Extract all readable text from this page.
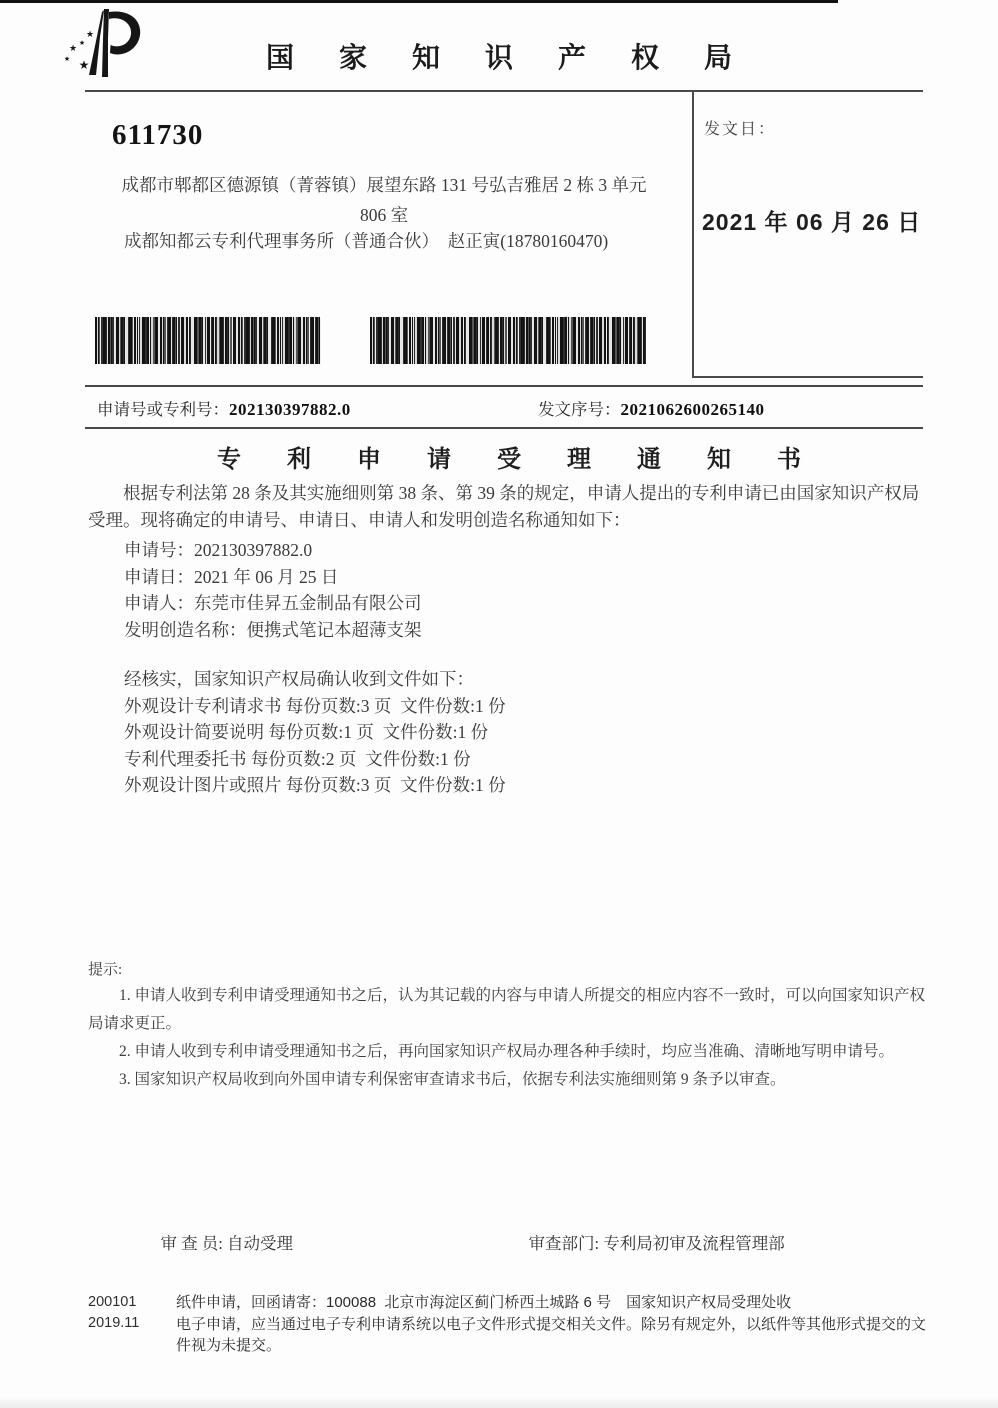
★
★
★
★ ★	国 家 知 识 产 权 局
611730
成都市郫都区德源镇（菁蓉镇）展望东路 131 号弘吉雅居 2 栋 3 单元
806 室
成都知都云专利代理事务所（普通合伙）　赵正寅(18780160470)
发文日：
2021 年 06 月 26 日
申请号或专利号：202130397882.0	发文序号：2021062600265140
专 利 申 请 受 理 通 知 书

根据专利法第 28 条及其实施细则第 38 条、第 39 条的规定，申请人提出的专利申请已由国家知识产权局受理。现将确定的申请号、申请日、申请人和发明创造名称通知如下：

申请号：202130397882.0
申请日：2021 年 06 月 25 日
申请人：东莞市佳昇五金制品有限公司
发明创造名称：便携式笔记本超薄支架
经核实，国家知识产权局确认收到文件如下：
外观设计专利请求书 每份页数:3 页  文件份数:1 份
外观设计简要说明 每份页数:1 页  文件份数:1 份
专利代理委托书 每份页数:2 页  文件份数:1 份
外观设计图片或照片 每份页数:3 页  文件份数:1 份
提示:

1. 申请人收到专利申请受理通知书之后，认为其记载的内容与申请人所提交的相应内容不一致时，可以向国家知识产权局请求更正。

2. 申请人收到专利申请受理通知书之后，再向国家知识产权局办理各种手续时，均应当准确、清晰地写明申请号。

3. 国家知识产权局收到向外国申请专利保密审查请求书后，依据专利法实施细则第 9 条予以审查。

审 查 员: 自动受理
	审查部门: 专利局初审及流程管理部

200101
2019.11
纸件申请，回函请寄：100088  北京市海淀区蓟门桥西土城路 6 号　国家知识产权局受理处收
电子申请，应当通过电子专利申请系统以电子文件形式提交相关文件。除另有规定外，以纸件等其他形式提交的文件视为未提交。
